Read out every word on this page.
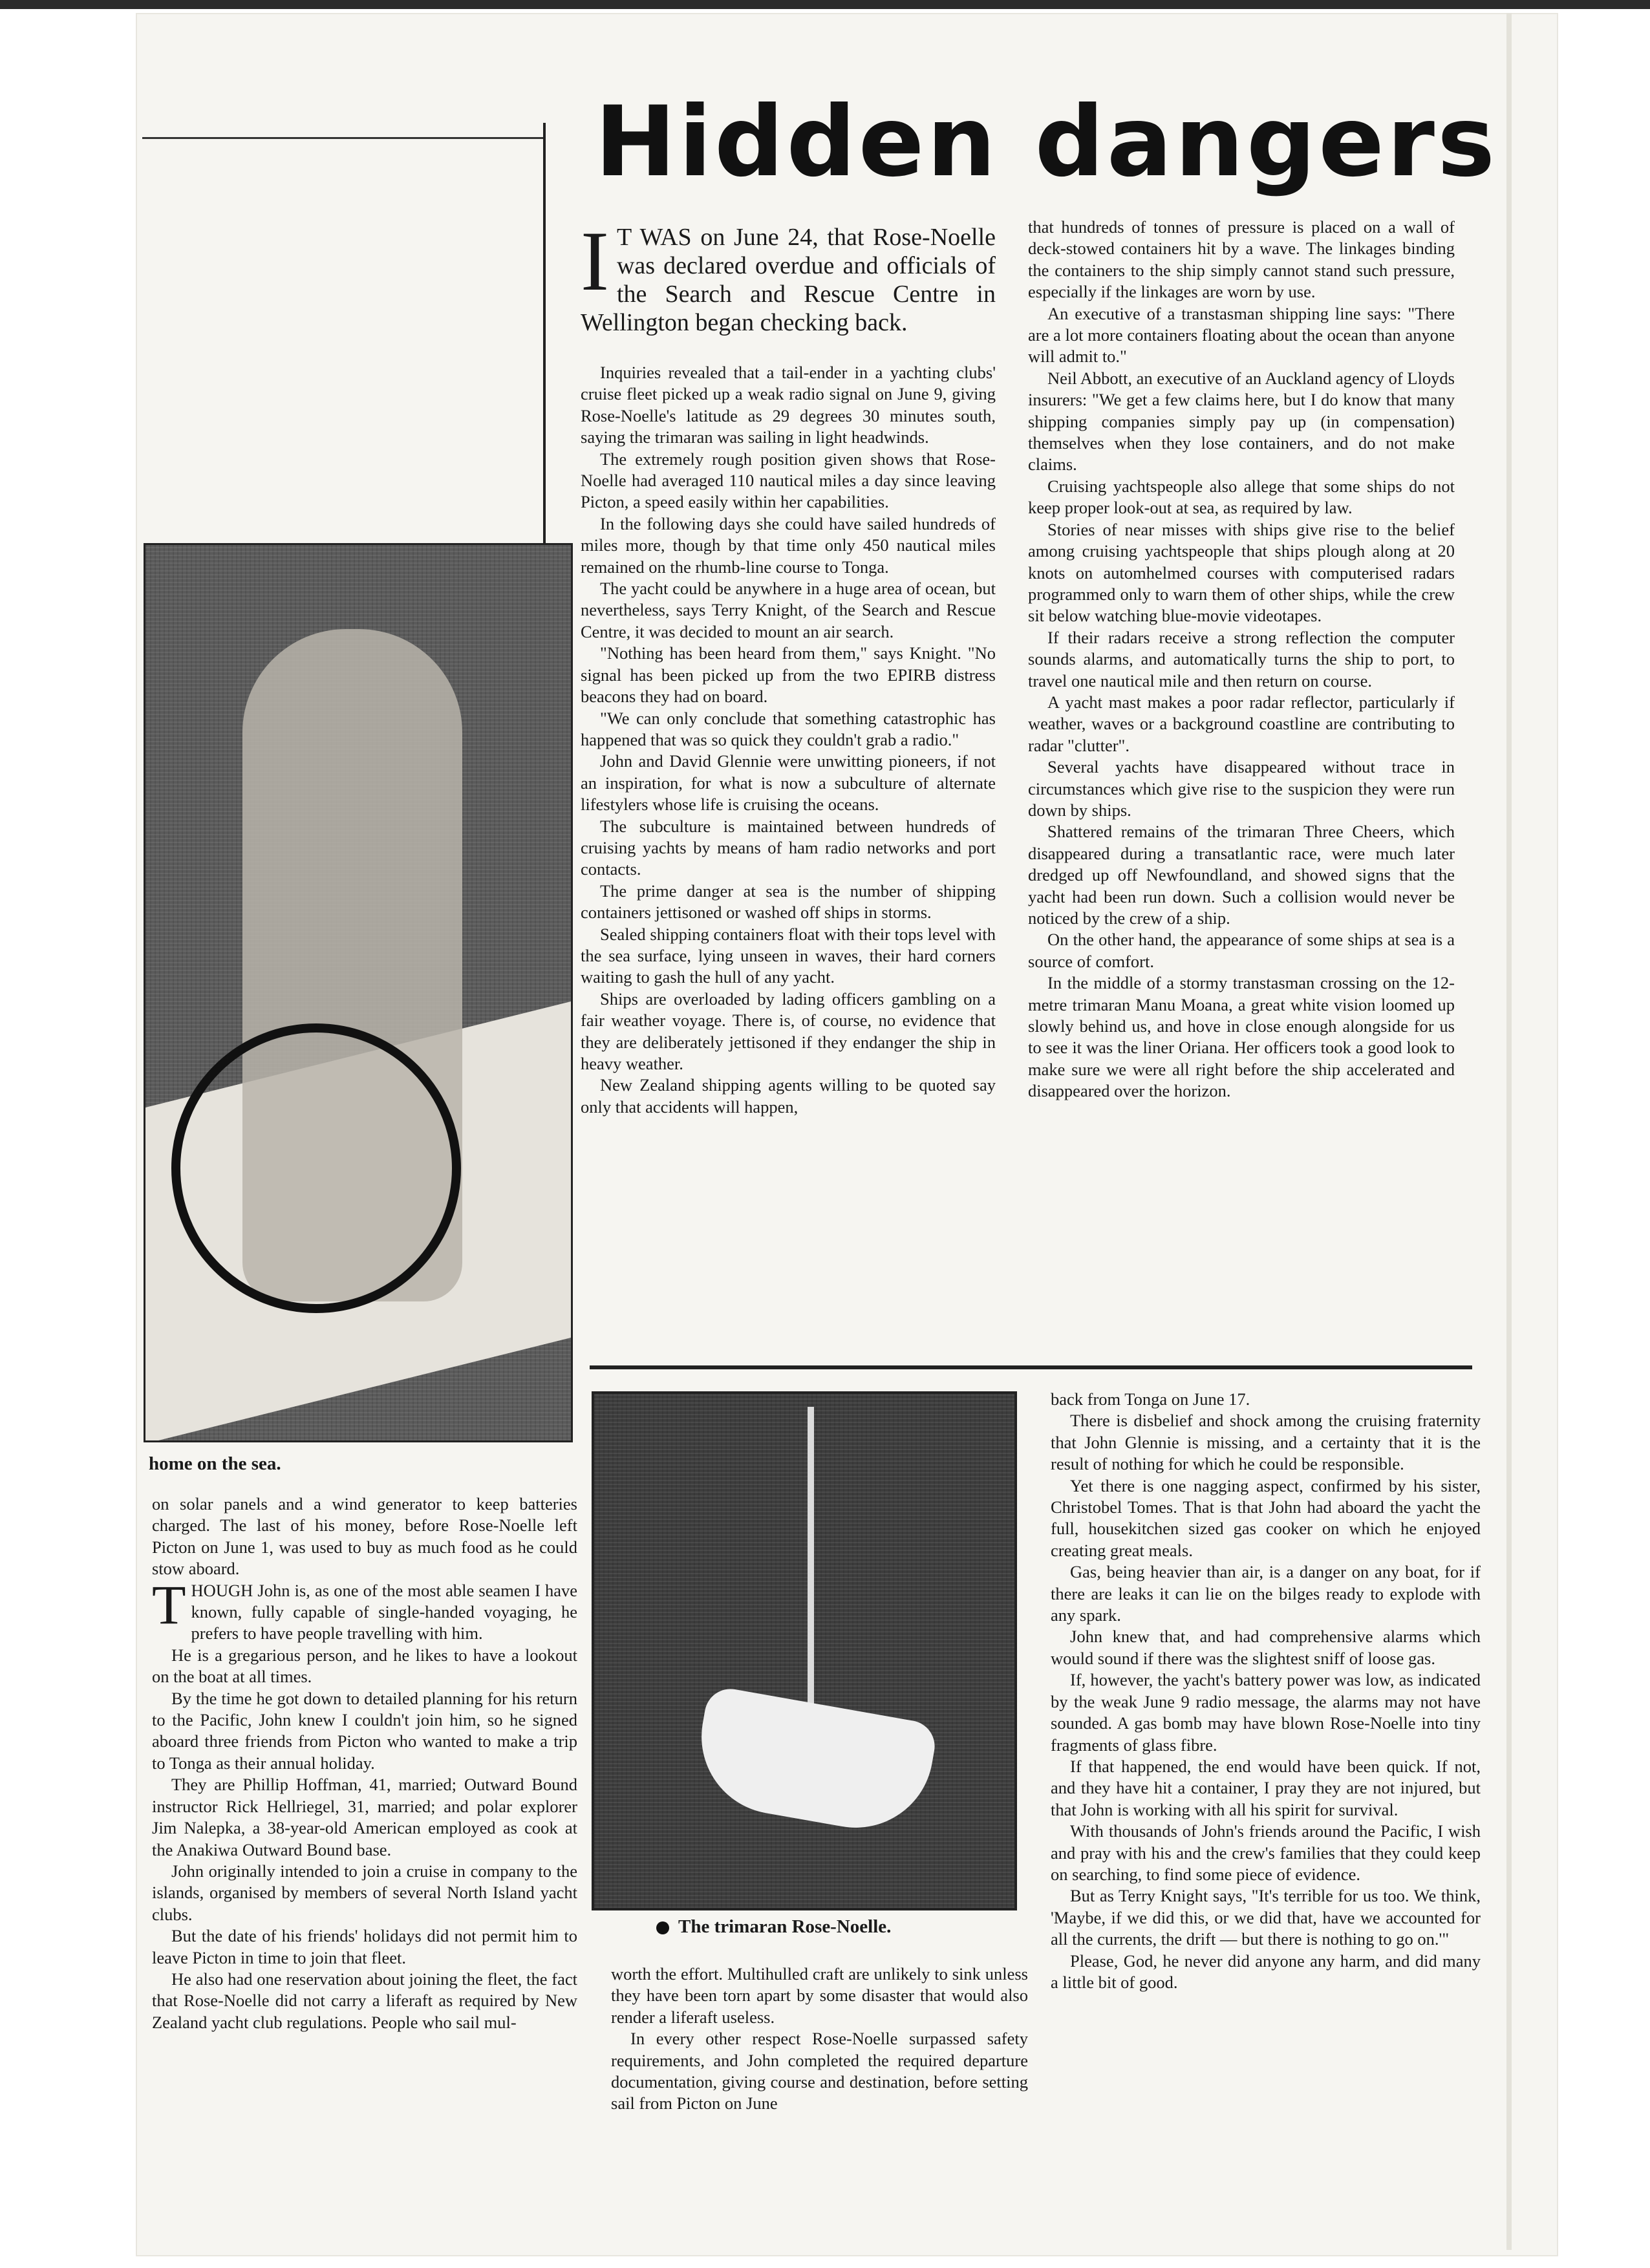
Hidden dangers
I T WAS on June 24, that Rose-Noelle was declared overdue and officials of the Search and Rescue Centre in Wellington began checking back.

Inquiries revealed that a tail-ender in a yachting clubs' cruise fleet picked up a weak radio signal on June 9, giving Rose-Noelle's latitude as 29 degrees 30 minutes south, saying the trimaran was sailing in light headwinds.

The extremely rough position given shows that Rose-Noelle had averaged 110 nautical miles a day since leaving Picton, a speed easily within her capabilities.

In the following days she could have sailed hundreds of miles more, though by that time only 450 nautical miles remained on the rhumb-line course to Tonga.

The yacht could be anywhere in a huge area of ocean, but nevertheless, says Terry Knight, of the Search and Rescue Centre, it was decided to mount an air search.

"Nothing has been heard from them," says Knight. "No signal has been picked up from the two EPIRB distress beacons they had on board.

"We can only conclude that something catastrophic has happened that was so quick they couldn't grab a radio."

John and David Glennie were unwitting pioneers, if not an inspiration, for what is now a subculture of alternate lifestylers whose life is cruising the oceans.

The subculture is maintained between hundreds of cruising yachts by means of ham radio networks and port contacts.

The prime danger at sea is the number of shipping containers jettisoned or washed off ships in storms.

Sealed shipping containers float with their tops level with the sea surface, lying unseen in waves, their hard corners waiting to gash the hull of any yacht.

Ships are overloaded by lading officers gambling on a fair weather voyage. There is, of course, no evidence that they are deliberately jettisoned if they endanger the ship in heavy weather.

New Zealand shipping agents willing to be quoted say only that accidents will happen,

that hundreds of tonnes of pressure is placed on a wall of deck-stowed containers hit by a wave. The linkages binding the containers to the ship simply cannot stand such pressure, especially if the linkages are worn by use.

An executive of a transtasman shipping line says: "There are a lot more containers floating about the ocean than anyone will admit to."

Neil Abbott, an executive of an Auckland agency of Lloyds insurers: "We get a few claims here, but I do know that many shipping companies simply pay up (in compensation) themselves when they lose containers, and do not make claims.

Cruising yachtspeople also allege that some ships do not keep proper look-out at sea, as required by law.

Stories of near misses with ships give rise to the belief among cruising yachtspeople that ships plough along at 20 knots on automhelmed courses with computerised radars programmed only to warn them of other ships, while the crew sit below watching blue-movie videotapes.

If their radars receive a strong reflection the computer sounds alarms, and automatically turns the ship to port, to travel one nautical mile and then return on course.

A yacht mast makes a poor radar reflector, particularly if weather, waves or a background coastline are contributing to radar "clutter".

Several yachts have disappeared without trace in circumstances which give rise to the suspicion they were run down by ships.

Shattered remains of the trimaran Three Cheers, which disappeared during a transatlantic race, were much later dredged up off Newfoundland, and showed signs that the yacht had been run down. Such a collision would never be noticed by the crew of a ship.

On the other hand, the appearance of some ships at sea is a source of comfort.

In the middle of a stormy transtasman crossing on the 12-metre trimaran Manu Moana, a great white vision loomed up slowly behind us, and hove in close enough alongside for us to see it was the liner Oriana. Her officers took a good look to make sure we were all right before the ship accelerated and disappeared over the horizon.

home on the sea.

on solar panels and a wind generator to keep batteries charged. The last of his money, before Rose-Noelle left Picton on June 1, was used to buy as much food as he could stow aboard.

THOUGH John is, as one of the most able seamen I have known, fully capable of single-handed voyaging, he prefers to have people travelling with him.

He is a gregarious person, and he likes to have a lookout on the boat at all times.

By the time he got down to detailed planning for his return to the Pacific, John knew I couldn't join him, so he signed aboard three friends from Picton who wanted to make a trip to Tonga as their annual holiday.

They are Phillip Hoffman, 41, married; Outward Bound instructor Rick Hellriegel, 31, married; and polar explorer Jim Nalepka, a 38-year-old American employed as cook at the Anakiwa Outward Bound base.

John originally intended to join a cruise in company to the islands, organised by members of several North Island yacht clubs.

But the date of his friends' holidays did not permit him to leave Picton in time to join that fleet.

He also had one reservation about joining the fleet, the fact that Rose-Noelle did not carry a liferaft as required by New Zealand yacht club regulations. People who sail mul-

The trimaran Rose-Noelle.

worth the effort. Multihulled craft are unlikely to sink unless they have been torn apart by some disaster that would also render a liferaft useless.

In every other respect Rose-Noelle surpassed safety requirements, and John completed the required departure documentation, giving course and destination, before setting sail from Picton on June

back from Tonga on June 17.

There is disbelief and shock among the cruising fraternity that John Glennie is missing, and a certainty that it is the result of nothing for which he could be responsible.

Yet there is one nagging aspect, confirmed by his sister, Christobel Tomes. That is that John had aboard the yacht the full, housekitchen sized gas cooker on which he enjoyed creating great meals.

Gas, being heavier than air, is a danger on any boat, for if there are leaks it can lie on the bilges ready to explode with any spark.

John knew that, and had comprehensive alarms which would sound if there was the slightest sniff of loose gas.

If, however, the yacht's battery power was low, as indicated by the weak June 9 radio message, the alarms may not have sounded. A gas bomb may have blown Rose-Noelle into tiny fragments of glass fibre.

If that happened, the end would have been quick. If not, and they have hit a container, I pray they are not injured, but that John is working with all his spirit for survival.

With thousands of John's friends around the Pacific, I wish and pray with his and the crew's families that they could keep on searching, to find some piece of evidence.

But as Terry Knight says, "It's terrible for us too. We think, 'Maybe, if we did this, or we did that, have we accounted for all the currents, the drift — but there is nothing to go on.'"

Please, God, he never did anyone any harm, and did many a little bit of good.
